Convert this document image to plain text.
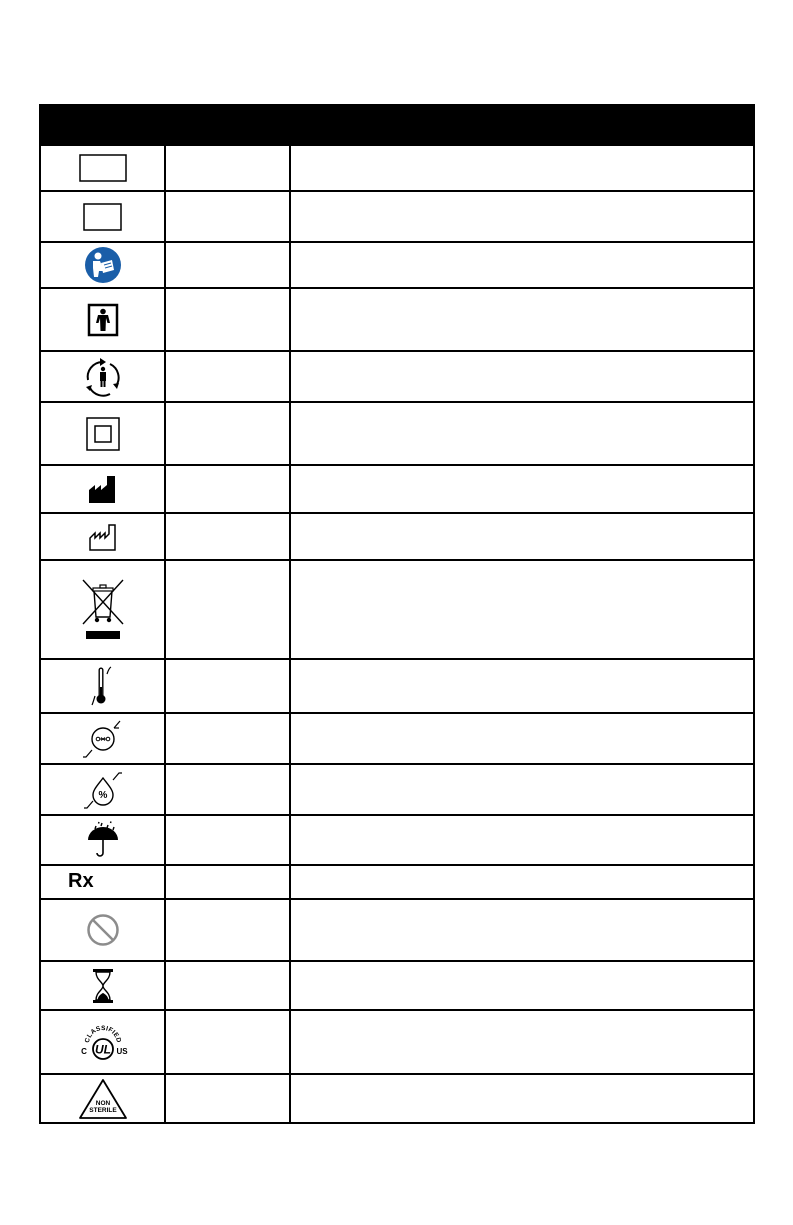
%
Rx
CLASSIFIED
UL
C	US
NON
STERILE
